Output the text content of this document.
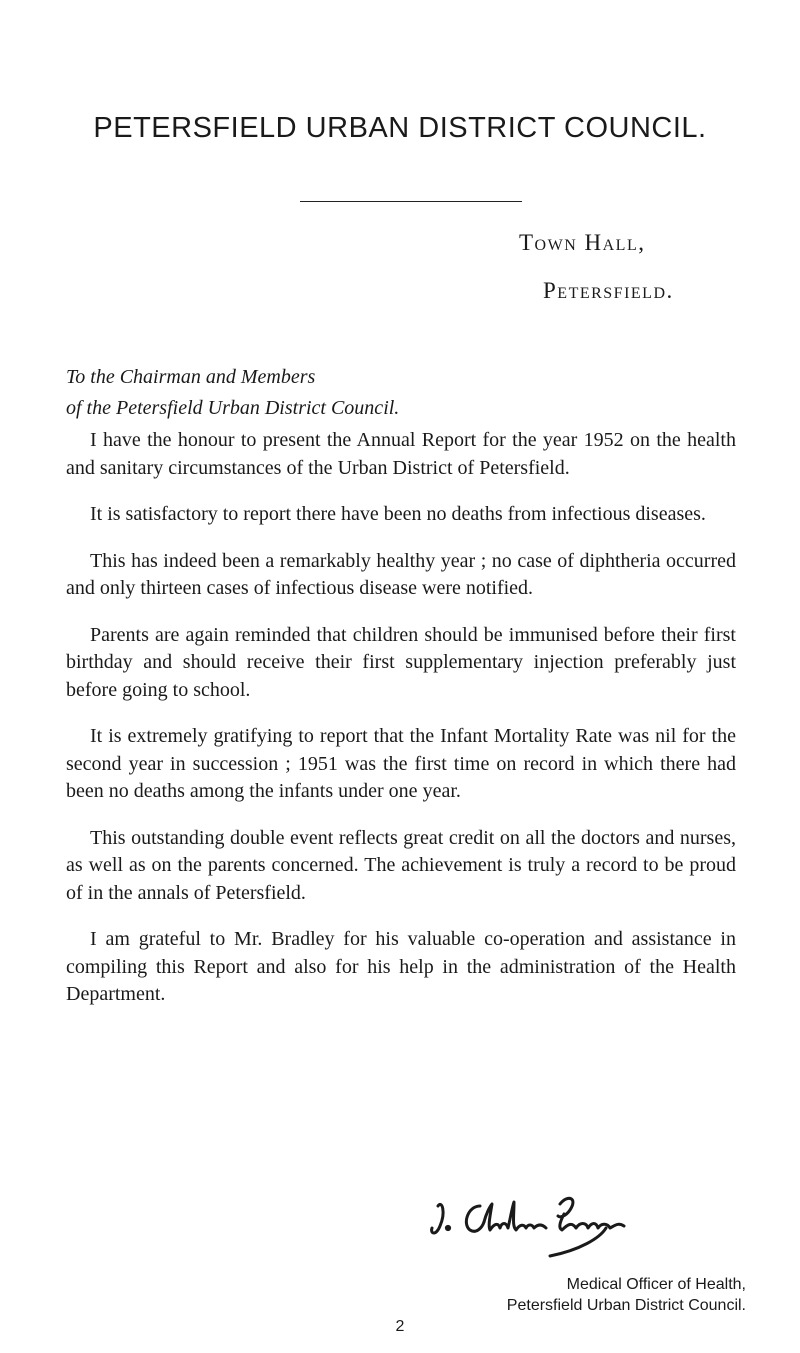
PETERSFIELD URBAN DISTRICT COUNCIL.
Town Hall,
Petersfield.
To the Chairman and Members
of the Petersfield Urban District Council.

I have the honour to present the Annual Report for the year 1952 on the health and sanitary circumstances of the Urban District of Petersfield.

It is satisfactory to report there have been no deaths from infectious diseases.

This has indeed been a remarkably healthy year ; no case of diphtheria occurred and only thirteen cases of infectious disease were notified.

Parents are again reminded that children should be immunised before their first birthday and should receive their first supplementary injection preferably just before going to school.

It is extremely gratifying to report that the Infant Mortality Rate was nil for the second year in succession ; 1951 was the first time on record in which there had been no deaths among the infants under one year.

This outstanding double event reflects great credit on all the doctors and nurses, as well as on the parents concerned. The achievement is truly a record to be proud of in the annals of Petersfield.

I am grateful to Mr. Bradley for his valuable co-operation and assistance in compiling this Report and also for his help in the administration of the Health Department.

Medical Officer of Health,
Petersfield Urban District Council.
2
